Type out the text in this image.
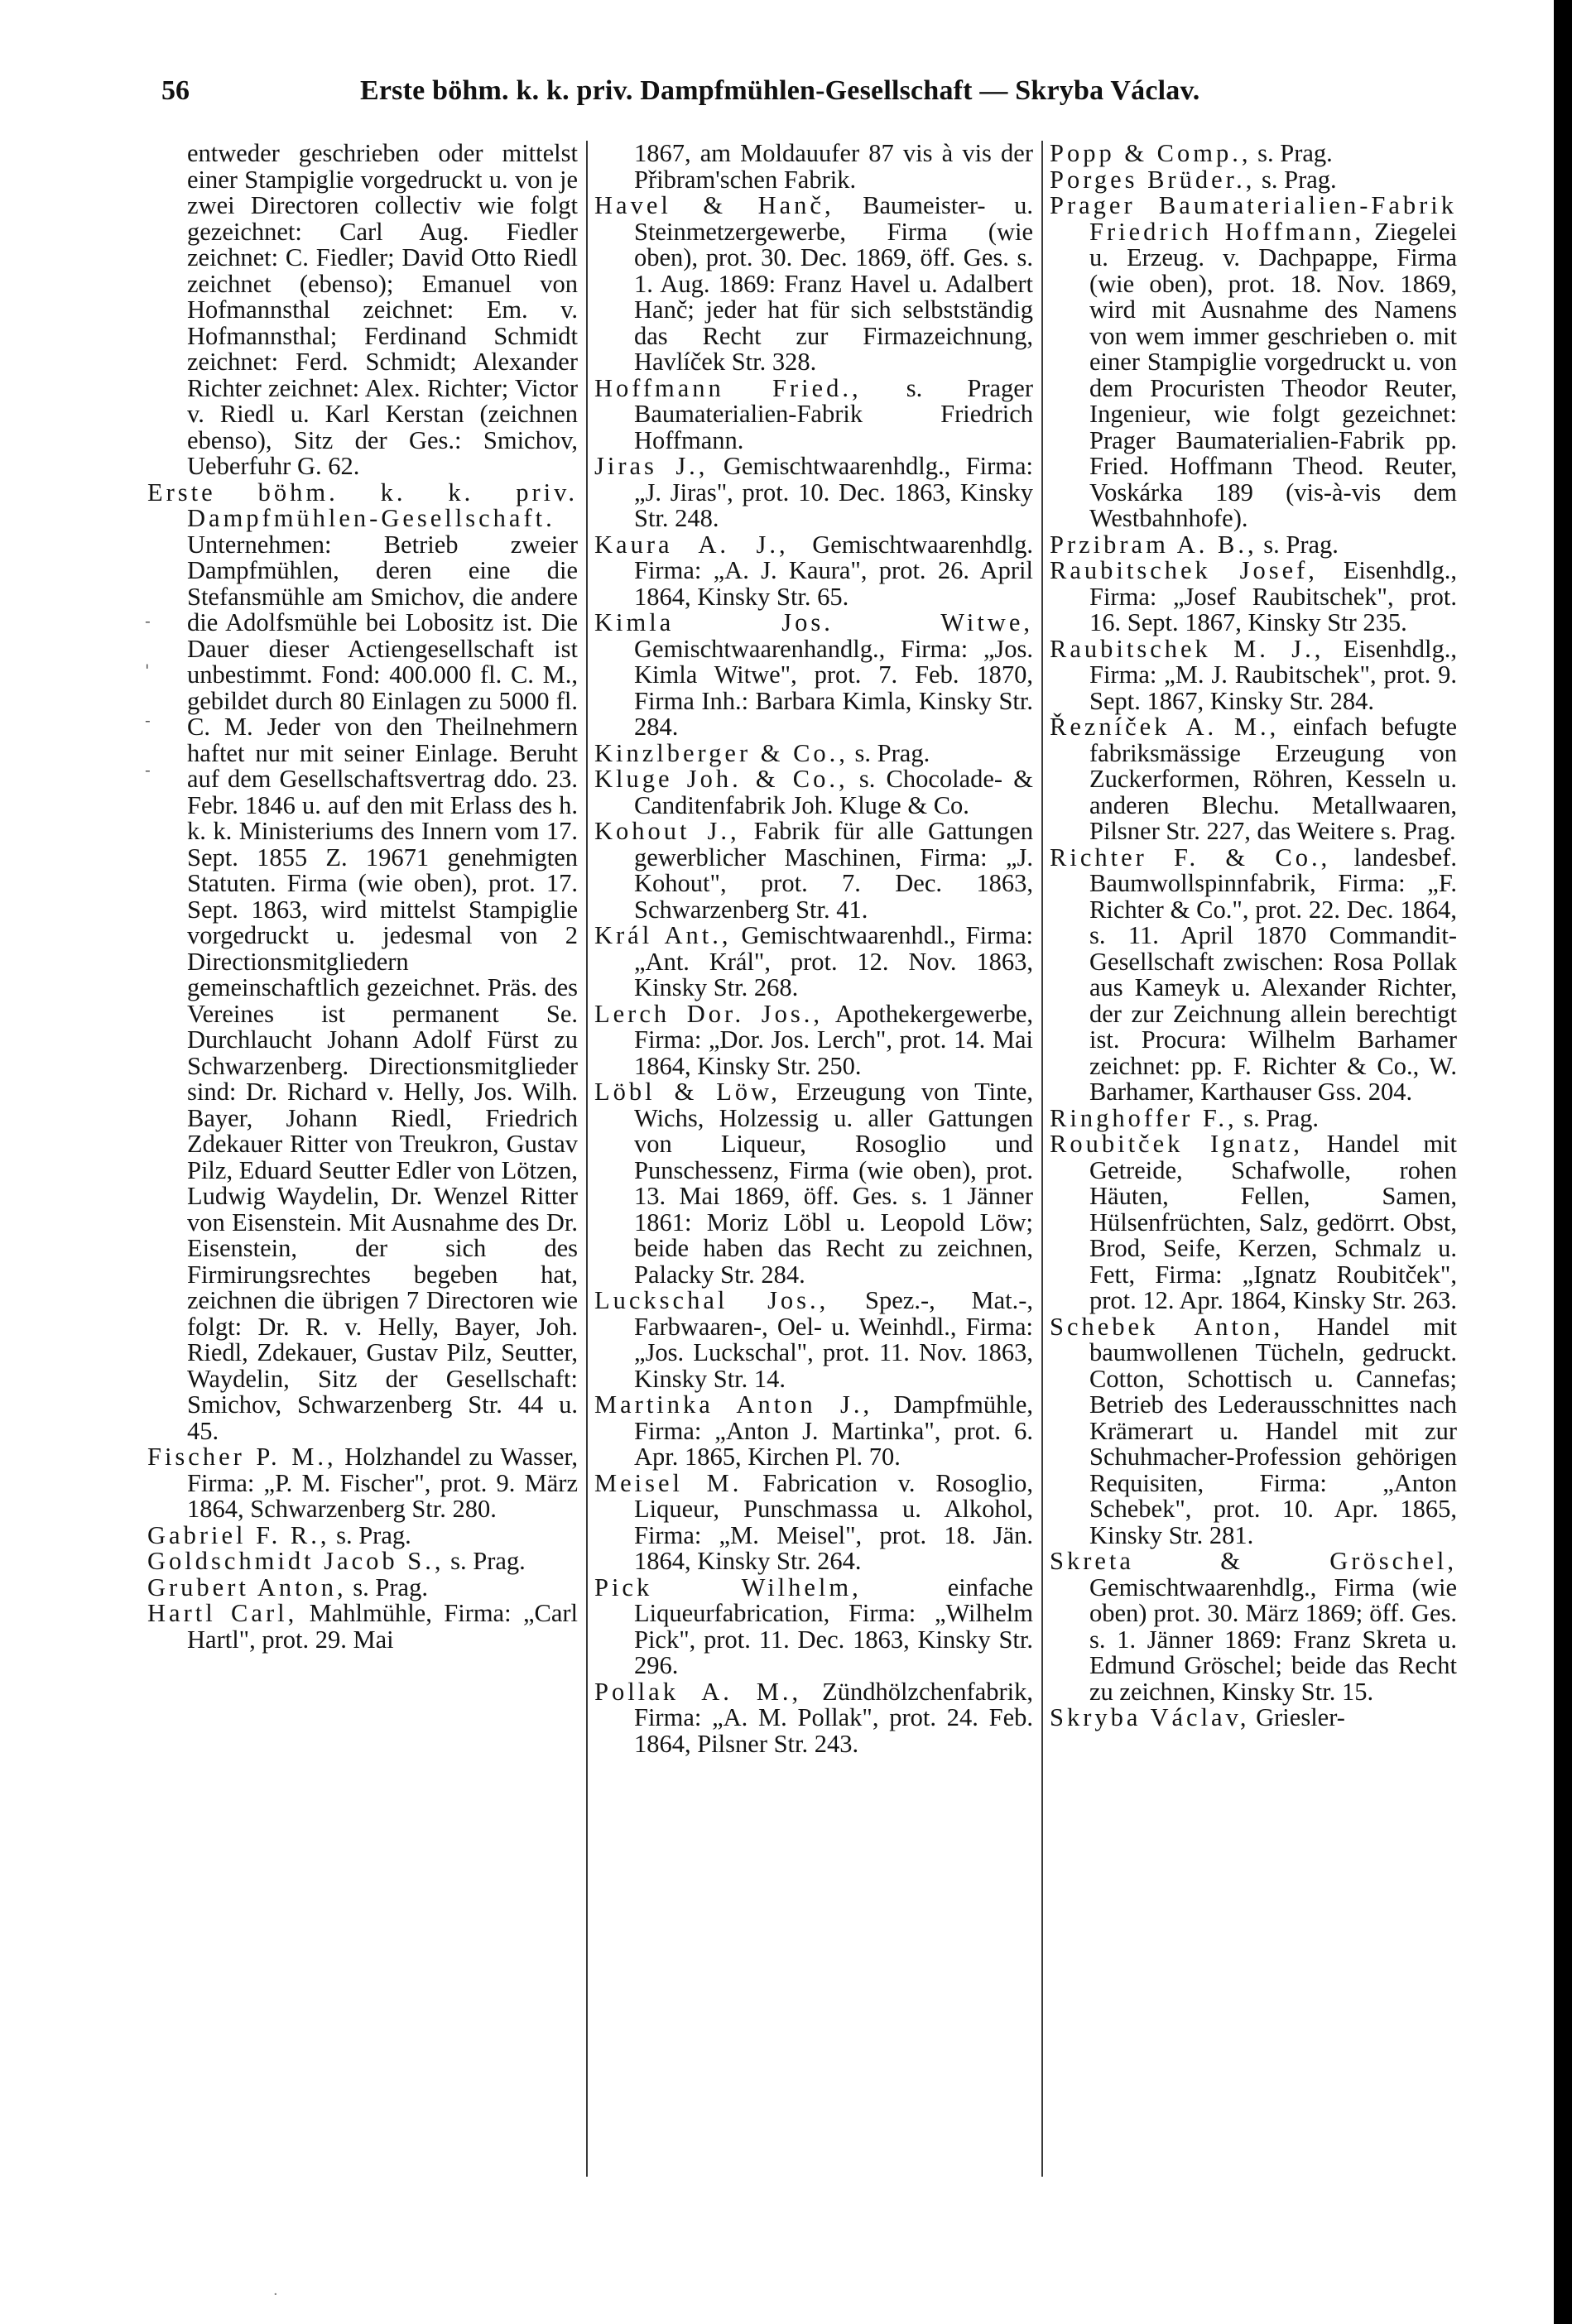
56	Erste böhm. k. k. priv. Dampfmühlen-Gesellschaft — Skryba Václav.
-
'
-
-

entweder geschrieben oder mittelst einer Stampiglie vorgedruckt u. von je zwei Directoren collectiv wie folgt gezeichnet: Carl Aug. Fiedler zeichnet: C. Fiedler; David Otto Riedl zeichnet (ebenso); Emanuel von Hofmannsthal zeichnet: Em. v. Hofmannsthal; Ferdinand Schmidt zeichnet: Ferd. Schmidt; Alexander Richter zeichnet: Alex. Richter; Victor v. Riedl u. Karl Kerstan (zeichnen ebenso), Sitz der Ges.: Smichov, Ueberfuhr G. 62.

Erste böhm. k. k. priv. Dampfmühlen-Gesellschaft. Unternehmen: Betrieb zweier Dampfmühlen, deren eine die Stefansmühle am Smichov, die andere die Adolfsmühle bei Lobositz ist. Die Dauer dieser Actiengesellschaft ist unbestimmt. Fond: 400.000 fl. C. M., gebildet durch 80 Einlagen zu 5000 fl. C. M. Jeder von den Theilnehmern haftet nur mit seiner Einlage. Beruht auf dem Gesellschaftsvertrag ddo. 23. Febr. 1846 u. auf den mit Erlass des h. k. k. Ministeriums des Innern vom 17. Sept. 1855 Z. 19671 genehmigten Statuten. Firma (wie oben), prot. 17. Sept. 1863, wird mittelst Stampiglie vorgedruckt u. jedesmal von 2 Directionsmitgliedern gemeinschaftlich gezeichnet. Präs. des Vereines ist permanent Se. Durchlaucht Johann Adolf Fürst zu Schwarzenberg. Directionsmitglieder sind: Dr. Richard v. Helly, Jos. Wilh. Bayer, Johann Riedl, Friedrich Zdekauer Ritter von Treukron, Gustav Pilz, Eduard Seutter Edler von Lötzen, Ludwig Waydelin, Dr. Wenzel Ritter von Eisenstein. Mit Ausnahme des Dr. Eisenstein, der sich des Firmirungsrechtes begeben hat, zeichnen die übrigen 7 Directoren wie folgt: Dr. R. v. Helly, Bayer, Joh. Riedl, Zdekauer, Gustav Pilz, Seutter, Waydelin, Sitz der Gesellschaft: Smichov, Schwarzenberg Str. 44 u. 45.

Fischer P. M., Holzhandel zu Wasser, Firma: „P. M. Fischer", prot. 9. März 1864, Schwarzenberg Str. 280.

Gabriel F. R., s. Prag.

Goldschmidt Jacob S., s. Prag.

Grubert Anton, s. Prag.

Hartl Carl, Mahlmühle, Firma: „Carl Hartl", prot. 29. Mai

1867, am Moldauufer 87 vis à vis der Přibram'schen Fabrik.

Havel & Hanč, Baumeister- u. Steinmetzergewerbe, Firma (wie oben), prot. 30. Dec. 1869, öff. Ges. s. 1. Aug. 1869: Franz Havel u. Adalbert Hanč; jeder hat für sich selbstständig das Recht zur Firmazeichnung, Havlíček Str. 328.

Hoffmann Fried., s. Prager Baumaterialien-Fabrik Friedrich Hoffmann.

Jiras J., Gemischtwaarenhdlg., Firma: „J. Jiras", prot. 10. Dec. 1863, Kinsky Str. 248.

Kaura A. J., Gemischtwaarenhdlg. Firma: „A. J. Kaura", prot. 26. April 1864, Kinsky Str. 65.

Kimla Jos. Witwe, Gemischtwaarenhandlg., Firma: „Jos. Kimla Witwe", prot. 7. Feb. 1870, Firma Inh.: Barbara Kimla, Kinsky Str. 284.

Kinzlberger & Co., s. Prag.

Kluge Joh. & Co., s. Chocolade- & Canditenfabrik Joh. Kluge & Co.

Kohout J., Fabrik für alle Gattungen gewerblicher Maschinen, Firma: „J. Kohout", prot. 7. Dec. 1863, Schwarzenberg Str. 41.

Král Ant., Gemischtwaarenhdl., Firma: „Ant. Král", prot. 12. Nov. 1863, Kinsky Str. 268.

Lerch Dor. Jos., Apothekergewerbe, Firma: „Dor. Jos. Lerch", prot. 14. Mai 1864, Kinsky Str. 250.

Löbl & Löw, Erzeugung von Tinte, Wichs, Holzessig u. aller Gattungen von Liqueur, Rosoglio und Punschessenz, Firma (wie oben), prot. 13. Mai 1869, öff. Ges. s. 1 Jänner 1861: Moriz Löbl u. Leopold Löw; beide haben das Recht zu zeichnen, Palacky Str. 284.

Luckschal Jos., Spez.-, Mat.-, Farbwaaren-, Oel- u. Weinhdl., Firma: „Jos. Luckschal", prot. 11. Nov. 1863, Kinsky Str. 14.

Martinka Anton J., Dampfmühle, Firma: „Anton J. Martinka", prot. 6. Apr. 1865, Kirchen Pl. 70.

Meisel M. Fabrication v. Rosoglio, Liqueur, Punschmassa u. Alkohol, Firma: „M. Meisel", prot. 18. Jän. 1864, Kinsky Str. 264.

Pick Wilhelm, einfache Liqueurfabrication, Firma: „Wilhelm Pick", prot. 11. Dec. 1863, Kinsky Str. 296.

Pollak A. M., Zündhölzchenfabrik, Firma: „A. M. Pollak", prot. 24. Feb. 1864, Pilsner Str. 243.

Popp & Comp., s. Prag.

Porges Brüder., s. Prag.

Prager Baumaterialien-Fabrik Friedrich Hoffmann, Ziegelei u. Erzeug. v. Dachpappe, Firma (wie oben), prot. 18. Nov. 1869, wird mit Ausnahme des Namens von wem immer geschrieben o. mit einer Stampiglie vorgedruckt u. von dem Procuristen Theodor Reuter, Ingenieur, wie folgt gezeichnet: Prager Baumaterialien-Fabrik pp. Fried. Hoffmann Theod. Reuter, Voskárka 189 (vis-à-vis dem Westbahnhofe).

Przibram A. B., s. Prag.

Raubitschek Josef, Eisenhdlg., Firma: „Josef Raubitschek", prot. 16. Sept. 1867, Kinsky Str 235.

Raubitschek M. J., Eisenhdlg., Firma: „M. J. Raubitschek", prot. 9. Sept. 1867, Kinsky Str. 284.

Řezníček A. M., einfach befugte fabriksmässige Erzeugung von Zuckerformen, Röhren, Kesseln u. anderen Blechu. Metallwaaren, Pilsner Str. 227, das Weitere s. Prag.

Richter F. & Co., landesbef. Baumwollspinnfabrik, Firma: „F. Richter & Co.", prot. 22. Dec. 1864, s. 11. April 1870 Commandit-Gesellschaft zwischen: Rosa Pollak aus Kameyk u. Alexander Richter, der zur Zeichnung allein berechtigt ist. Procura: Wilhelm Barhamer zeichnet: pp. F. Richter & Co., W. Barhamer, Karthauser Gss. 204.

Ringhoffer F., s. Prag.

Roubitček Ignatz, Handel mit Getreide, Schafwolle, rohen Häuten, Fellen, Samen, Hülsenfrüchten, Salz, gedörrt. Obst, Brod, Seife, Kerzen, Schmalz u. Fett, Firma: „Ignatz Roubitček", prot. 12. Apr. 1864, Kinsky Str. 263.

Schebek Anton, Handel mit baumwollenen Tücheln, gedruckt. Cotton, Schottisch u. Cannefas; Betrieb des Lederausschnittes nach Krämerart u. Handel mit zur Schuhmacher-Profession gehörigen Requisiten, Firma: „Anton Schebek", prot. 10. Apr. 1865, Kinsky Str. 281.

Skreta & Gröschel, Gemischtwaarenhdlg., Firma (wie oben) prot. 30. März 1869; öff. Ges. s. 1. Jänner 1869: Franz Skreta u. Edmund Gröschel; beide das Recht zu zeichnen, Kinsky Str. 15.

Skryba Václav, Griesler-

·
